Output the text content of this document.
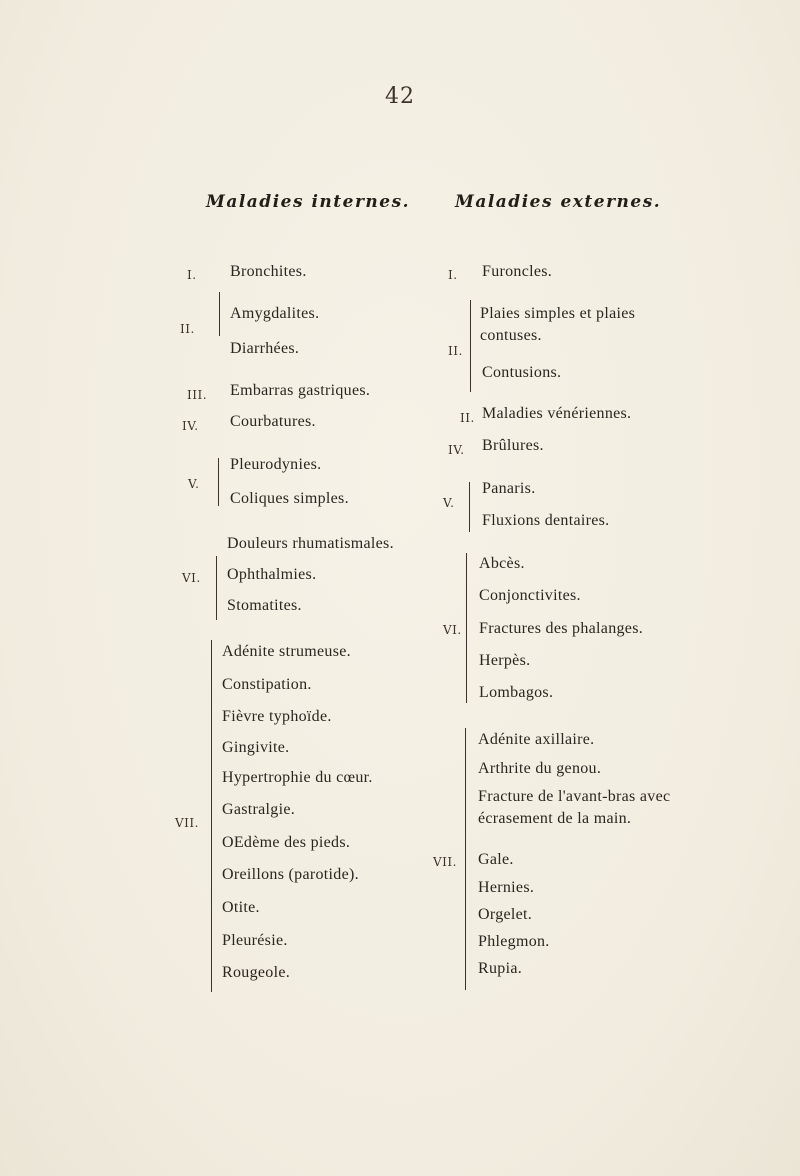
42
Maladies internes.	Maladies externes.
I. Bronchites.
II.
Amygdalites.
Diarrhées.
III. Embarras gastriques.
IV. Courbatures.
V.
Pleurodynies.
Coliques simples.
VI.
Douleurs rhumatismales.
Ophthalmies.
Stomatites.
VII.
Adénite strumeuse.
Constipation.
Fièvre typhoïde.
Gingivite.
Hypertrophie du cœur.
Gastralgie.
OEdème des pieds.
Oreillons (parotide).
Otite.
Pleurésie.
Rougeole.
I. Furoncles.
II.
Plaies simples et plaies contuses.
Contusions.
II. Maladies vénériennes.
IV. Brûlures.
V.
Panaris.
Fluxions dentaires.
VI.
Abcès.
Conjonctivites.
Fractures des phalanges.
Herpès.
Lombagos.
VII.
Adénite axillaire.
Arthrite du genou.
Fracture de l'avant-bras avec écrasement de la main.
Gale.
Hernies.
Orgelet.
Phlegmon.
Rupia.
